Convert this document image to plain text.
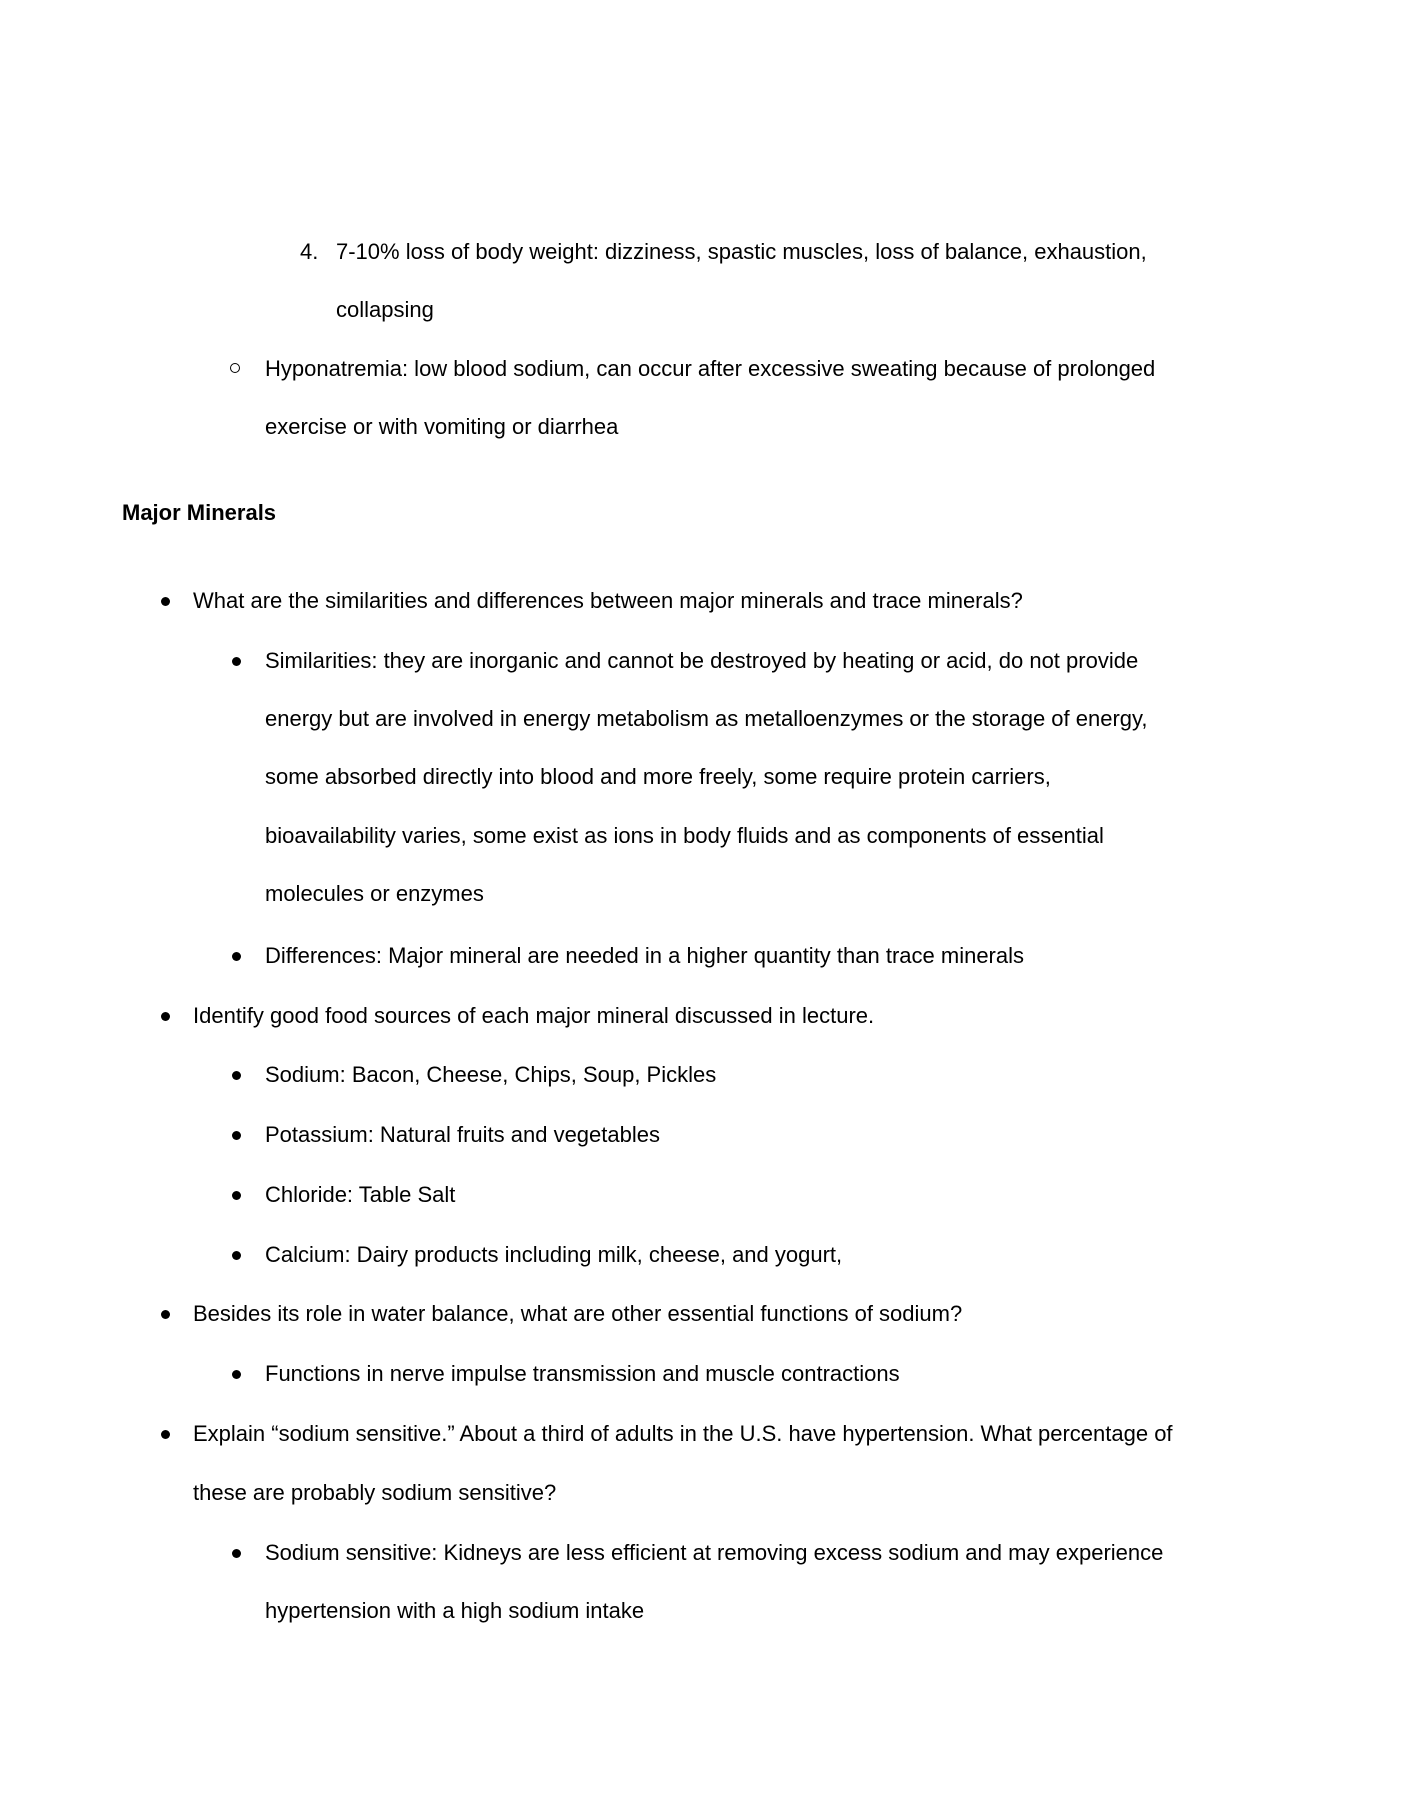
4. 7-10% loss of body weight: dizziness, spastic muscles, loss of balance, exhaustion,
collapsing
Hyponatremia: low blood sodium, can occur after excessive sweating because of prolonged
exercise or with vomiting or diarrhea
Major Minerals
What are the similarities and differences between major minerals and trace minerals?
Similarities: they are inorganic and cannot be destroyed by heating or acid, do not provide
energy but are involved in energy metabolism as metalloenzymes or the storage of energy,
some absorbed directly into blood and more freely, some require protein carriers,
bioavailability varies, some exist as ions in body fluids and as components of essential
molecules or enzymes
Differences: Major mineral are needed in a higher quantity than trace minerals
Identify good food sources of each major mineral discussed in lecture.
Sodium: Bacon, Cheese, Chips, Soup, Pickles
Potassium: Natural fruits and vegetables
Chloride: Table Salt
Calcium: Dairy products including milk, cheese, and yogurt,
Besides its role in water balance, what are other essential functions of sodium?
Functions in nerve impulse transmission and muscle contractions
Explain “sodium sensitive.” About a third of adults in the U.S. have hypertension. What percentage of
these are probably sodium sensitive?
Sodium sensitive: Kidneys are less efficient at removing excess sodium and may experience
hypertension with a high sodium intake
